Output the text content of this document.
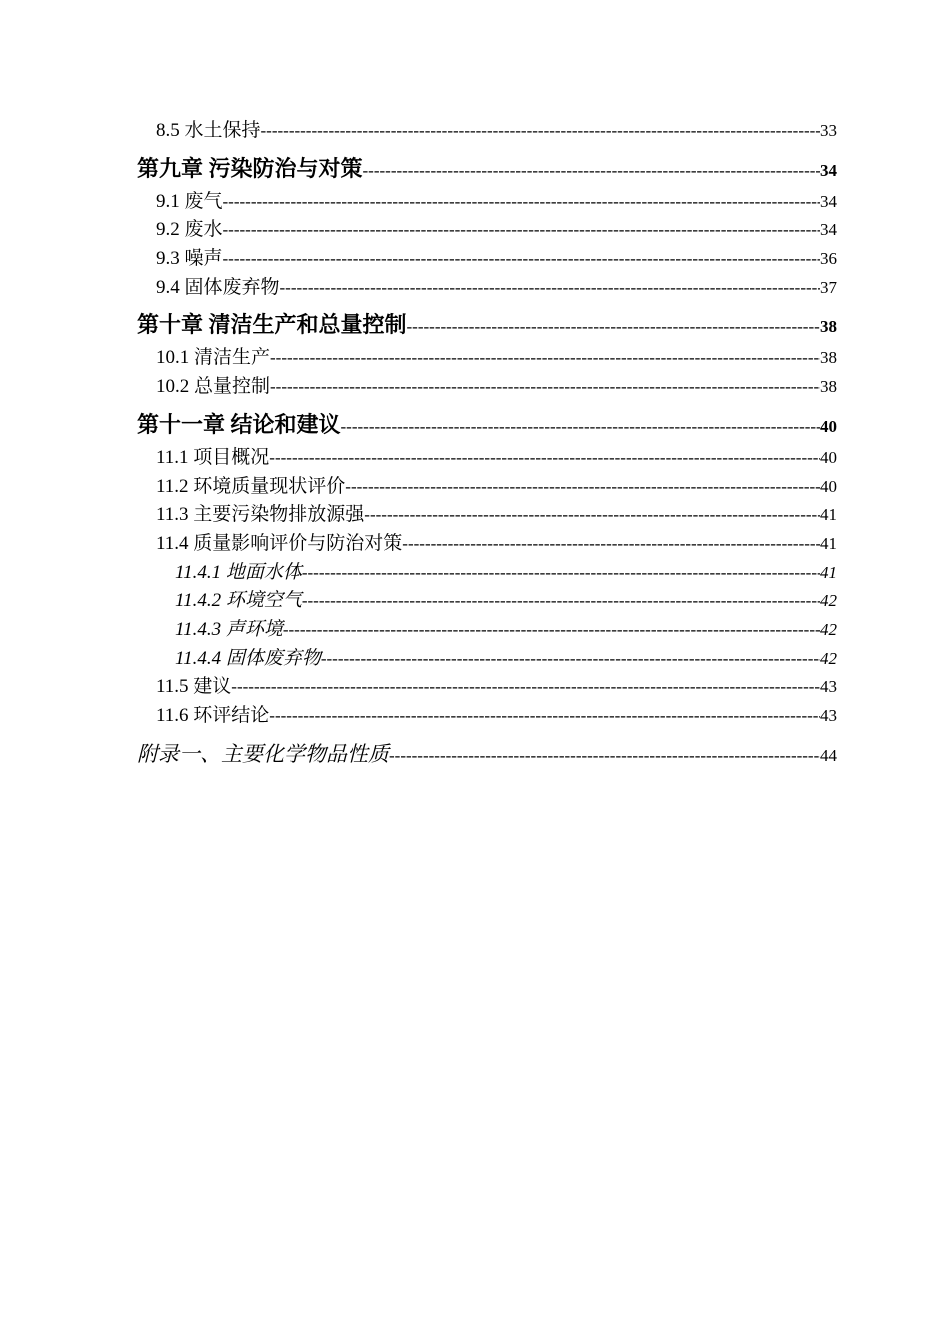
8.5 水土保持 -----	33
第九章 污染防治与对策 -----	34
9.1 废气 -----	34
9.2 废水 -----	34
9.3 噪声 -----	36
9.4 固体废弃物 -----	37
第十章 清洁生产和总量控制 -----	38
10.1 清洁生产 -----	38
10.2 总量控制 -----	38
第十一章 结论和建议 -----	40
11.1 项目概况 -----	40
11.2 环境质量现状评价 -----	40
11.3 主要污染物排放源强 -----	41
11.4 质量影响评价与防治对策 -----	41
11.4.1 地面水体 -----	41
11.4.2 环境空气 -----	42
11.4.3 声环境 -----	42
11.4.4 固体废弃物 -----	42
11.5 建议 -----	43
11.6 环评结论 -----	43
附录一、主要化学物品性质 -----	44
